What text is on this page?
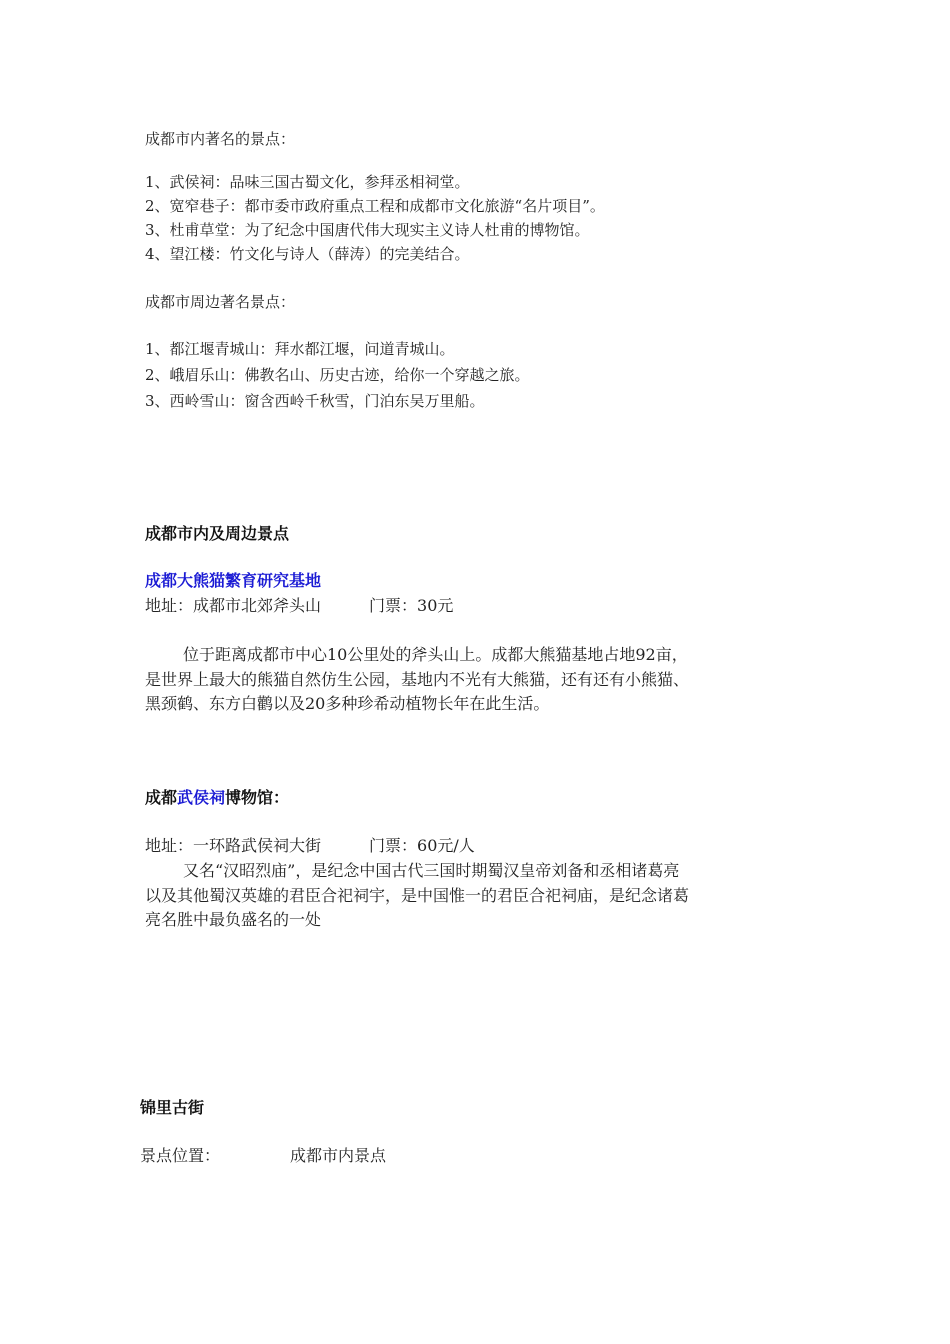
成都市内著名的景点：
1、武侯祠：品味三国古蜀文化，参拜丞相祠堂。
2、宽窄巷子：都市委市政府重点工程和成都市文化旅游“名片项目”。
3、杜甫草堂：为了纪念中国唐代伟大现实主义诗人杜甫的博物馆。
4、望江楼：竹文化与诗人（薛涛）的完美结合。
成都市周边著名景点：
1、都江堰青城山：拜水都江堰，问道青城山。
2、峨眉乐山：佛教名山、历史古迹，给你一个穿越之旅。
3、西岭雪山：窗含西岭千秋雪，门泊东吴万里船。
成都市内及周边景点
成都大熊猫繁育研究基地
地址：成都市北郊斧头山	门票：30元
位于距离成都市中心10公里处的斧头山上。成都大熊猫基地占地92亩，
是世界上最大的熊猫自然仿生公园，基地内不光有大熊猫，还有还有小熊猫、
黑颈鹤、东方白鹳以及20多种珍希动植物长年在此生活。
成都武侯祠博物馆：
地址：一环路武侯祠大街	门票：60元/人
又名“汉昭烈庙”，是纪念中国古代三国时期蜀汉皇帝刘备和丞相诸葛亮
以及其他蜀汉英雄的君臣合祀祠宇，是中国惟一的君臣合祀祠庙，是纪念诸葛
亮名胜中最负盛名的一处
锦里古街
景点位置：	成都市内景点
